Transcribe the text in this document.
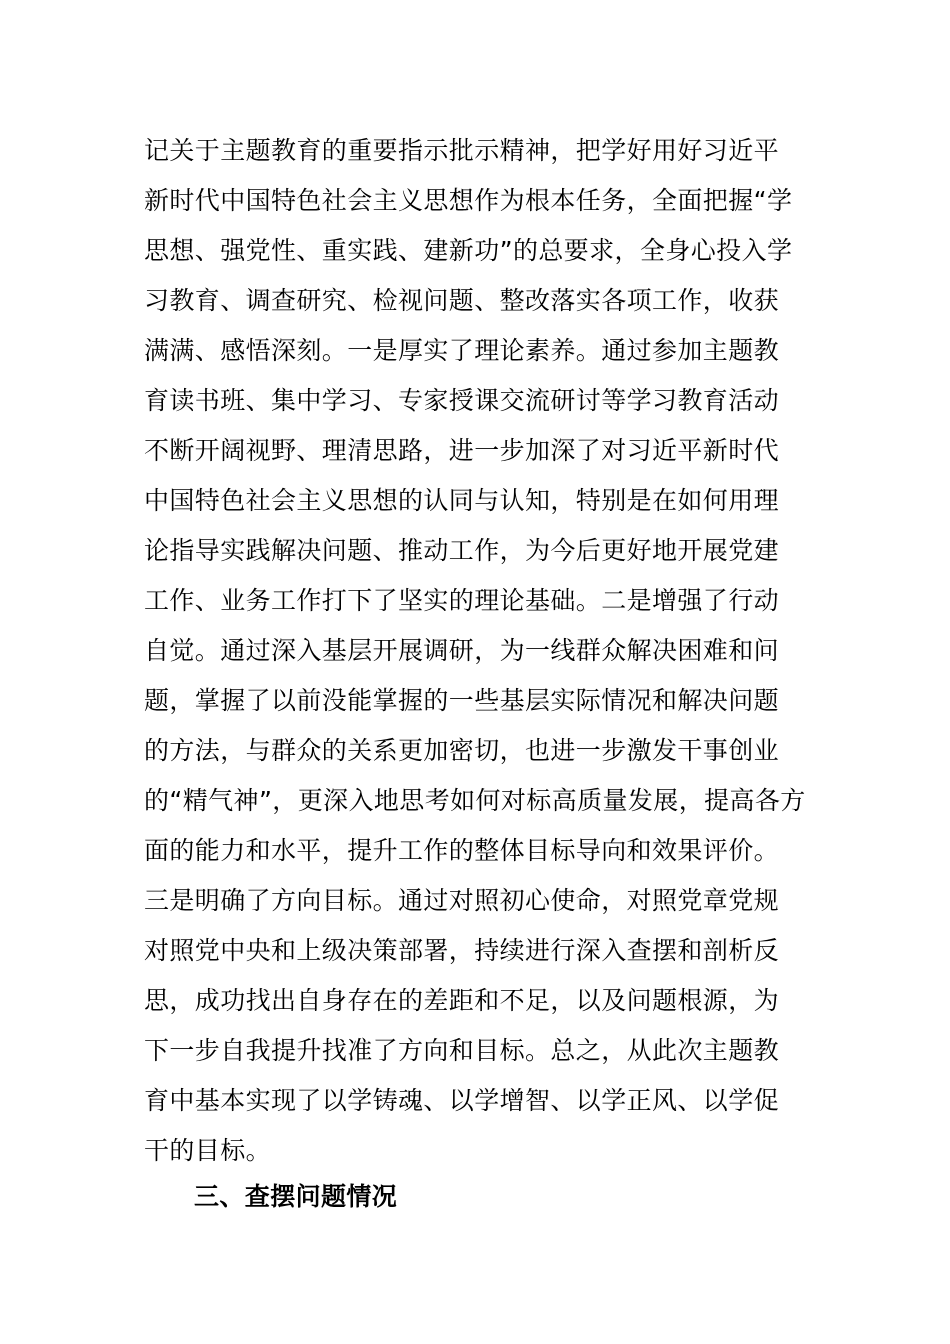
记关于主题教育的重要指示批示精神，把学好用好习近平
新时代中国特色社会主义思想作为根本任务，全面把握“学
思想、强党性、重实践、建新功”的总要求，全身心投入学
习教育、调查研究、检视问题、整改落实各项工作，收获
满满、感悟深刻。一是厚实了理论素养。通过参加主题教
育读书班、集中学习、专家授课交流研讨等学习教育活动
不断开阔视野、理清思路，进一步加深了对习近平新时代
中国特色社会主义思想的认同与认知，特别是在如何用理
论指导实践解决问题、推动工作，为今后更好地开展党建
工作、业务工作打下了坚实的理论基础。二是增强了行动
自觉。通过深入基层开展调研，为一线群众解决困难和问
题，掌握了以前没能掌握的一些基层实际情况和解决问题
的方法，与群众的关系更加密切，也进一步激发干事创业
的“精气神”，更深入地思考如何对标高质量发展，提高各方
面的能力和水平，提升工作的整体目标导向和效果评价。
三是明确了方向目标。通过对照初心使命，对照党章党规
对照党中央和上级决策部署，持续进行深入查摆和剖析反
思，成功找出自身存在的差距和不足，以及问题根源，为
下一步自我提升找准了方向和目标。总之，从此次主题教
育中基本实现了以学铸魂、以学增智、以学正风、以学促
干的目标。
三、查摆问题情况
